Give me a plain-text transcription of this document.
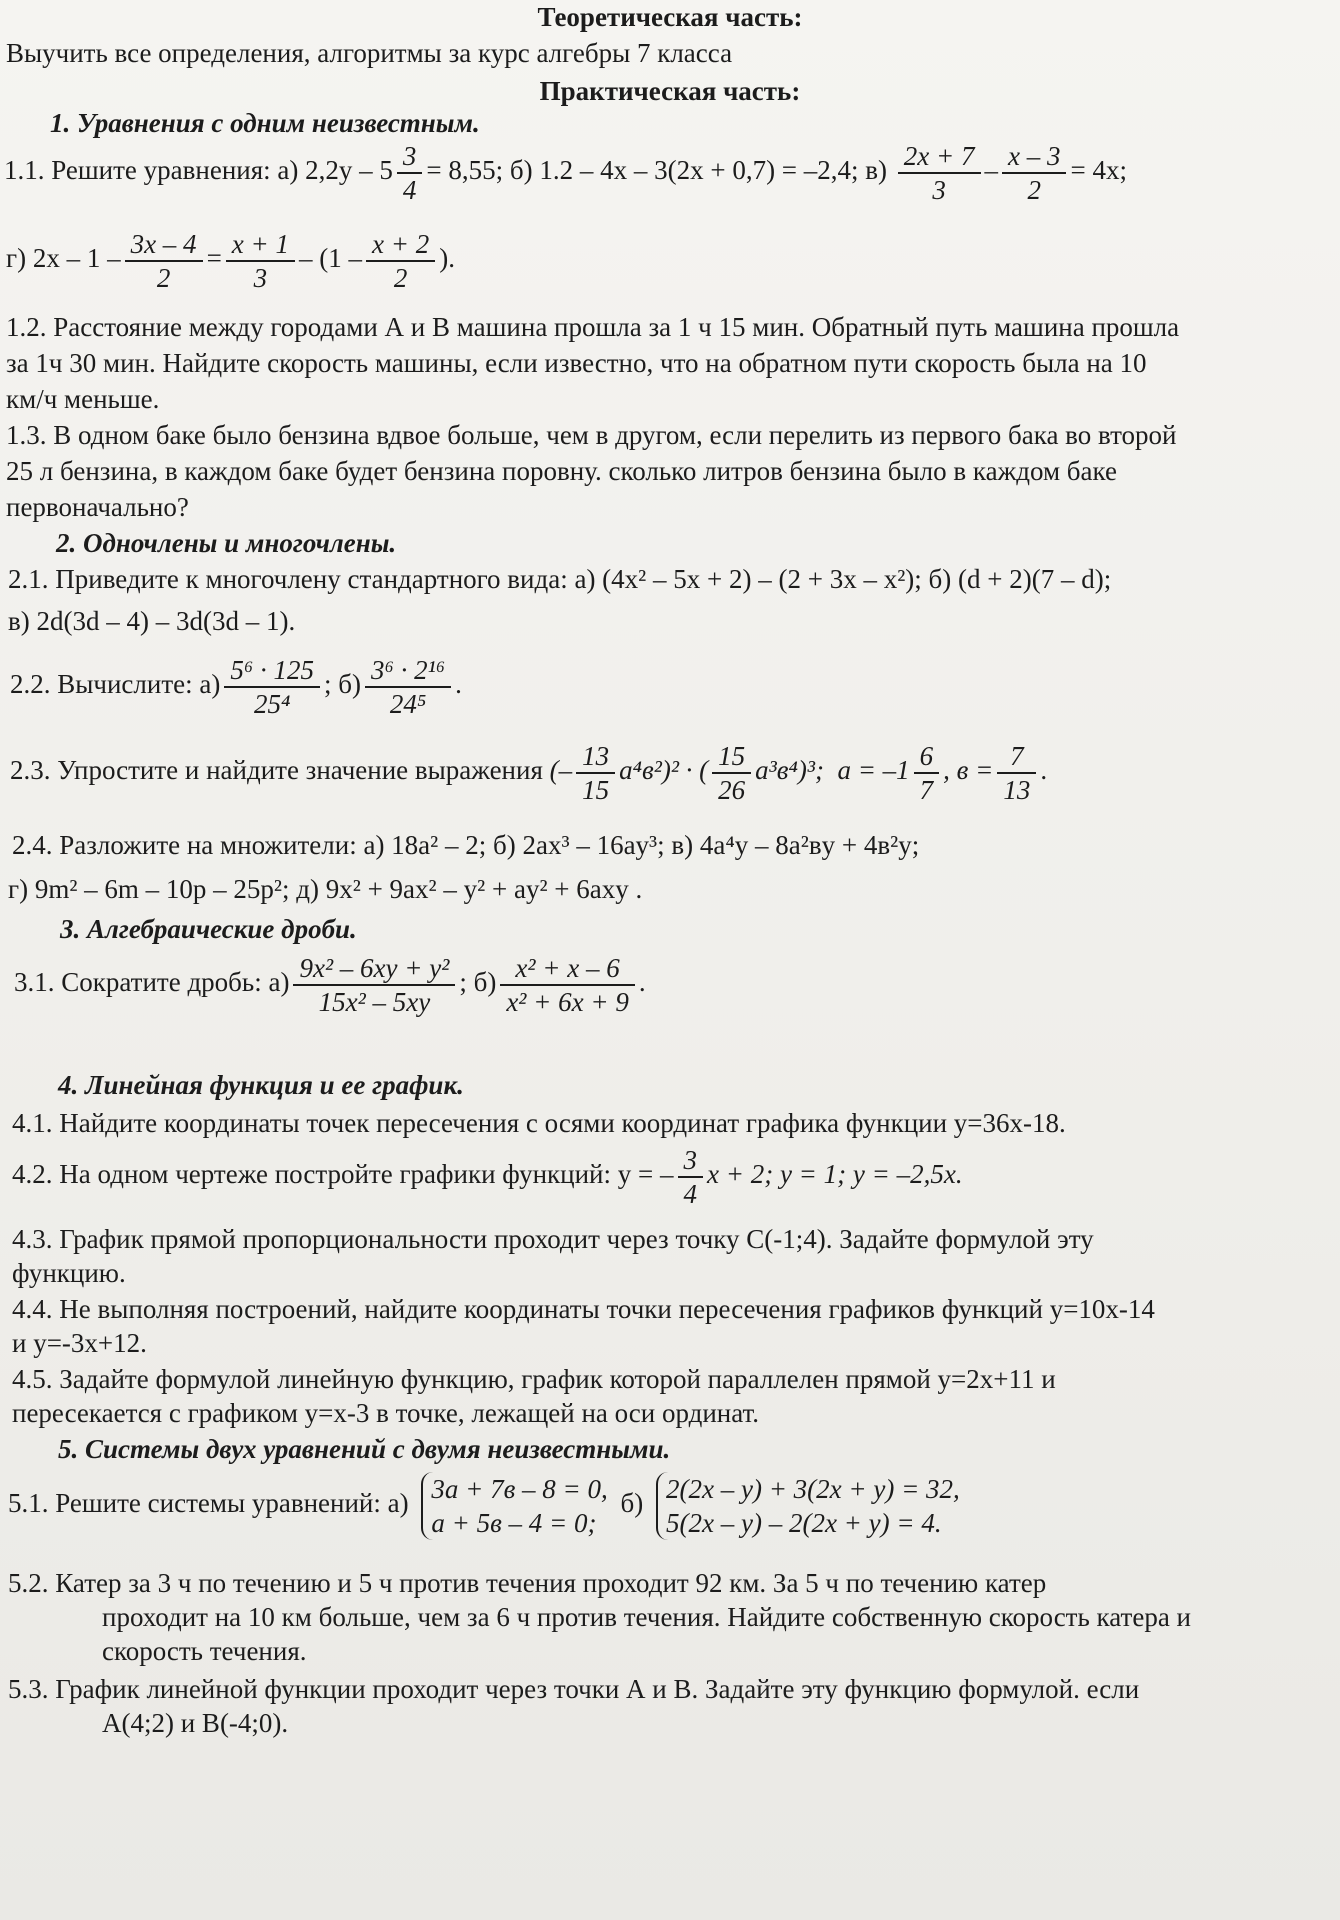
Теоретическая часть:
Выучить все определения, алгоритмы за курс алгебры 7 класса
Практическая часть:
1. Уравнения с одним неизвестным.
1.1. Решите уравнения: а) $2,2y - 5 \frac{3}{4} = 8,55$; б) 1.2 – 4x – 3(2x + 0,7) = –2,4; $в) \frac{2x + 7}{3} - \frac{x - 3}{2} = 4x$;
г) $2x - 1 - \frac{3x - 4}{2} = \frac{x + 1}{3} - (1 - \frac{x + 2}{2}$ ).
1.2. Расстояние между городами А и В машина прошла за 1 ч 15 мин. Обратный путь машина прошла
за 1ч 30 мин. Найдите скорость машины, если известно, что на обратном пути скорость была на 10
км/ч меньше.
1.3. В одном баке было бензина вдвое больше, чем в другом, если перелить из первого бака во второй
25 л бензина, в каждом баке будет бензина поровну. сколько литров бензина было в каждом баке
первоначально?
2. Одночлены и многочлены.
2.1. Приведите к многочлену стандартного вида: а) (4x² – 5x + 2) – (2 + 3x – x²); б) (d + 2)(7 – d);
в) 2d(3d – 4) – 3d(3d – 1).
2.2. Вычислите: $а) \frac{\text{5⁶ · 125}}{\text{25⁴}}$ ; $б) \frac{\text{3⁶ · 2¹⁶}}{\text{24⁵}}$ .
2.3. Упростите и найдите значение выражения (– $\frac{13}{15} a^4в^2)^2$ · ( $\frac{15}{26} a^3в^4)^3$; $a = -1 \frac{6}{7}$ , $в = \frac{7}{13}$ .
2.4. Разложите на множители: а) 18a² – 2; б) 2ax³ – 16ay³; в) 4a⁴y – 8a²вy + 4в²y;
г) 9m² – 6m – 10p – 25p²; д) 9x² + 9ax² – y² + ay² + 6axy .
3. Алгебраические дроби.
3.1. Сократите дробь: $а) \frac{\text{9x² – 6xy + y²}}{\text{15x² – 5xy}}$ ; $б) \frac{\text{x² + x – 6}}{\text{x² + 6x + 9}}$ .
4. Линейная функция и ее график.
4.1. Найдите координаты точек пересечения с осями координат графика функции y=36x-18.
4.2. На одном чертеже постройте графики функций: y = – $\frac{3}{4}$ x + 2; y = 1; y = –2,5x.
4.3. График прямой пропорциональности проходит через точку С(-1;4). Задайте формулой эту
функцию.
4.4. Не выполняя построений, найдите координаты точки пересечения графиков функций y=10x-14
и y=-3x+12.
4.5. Задайте формулой линейную функцию, график которой параллелен прямой y=2x+11 и
пересекается с графиком y=x-3 в точке, лежащей на оси ординат.
5. Системы двух уравнений с двумя неизвестными.
5.1. Решите системы уравнений: а) 3a + 7в – 8 = 0,
a + 5в – 4 = 0;
б) 2(2x – y) + 3(2x + y) = 32,
5(2x – y) – 2(2x + y) = 4.
5.2. Катер за 3 ч по течению и 5 ч против течения проходит 92 км. За 5 ч по течению катер
проходит на 10 км больше, чем за 6 ч против течения. Найдите собственную скорость катера и
скорость течения.
5.3. График линейной функции проходит через точки А и В. Задайте эту функцию формулой. если
А(4;2) и В(-4;0).
